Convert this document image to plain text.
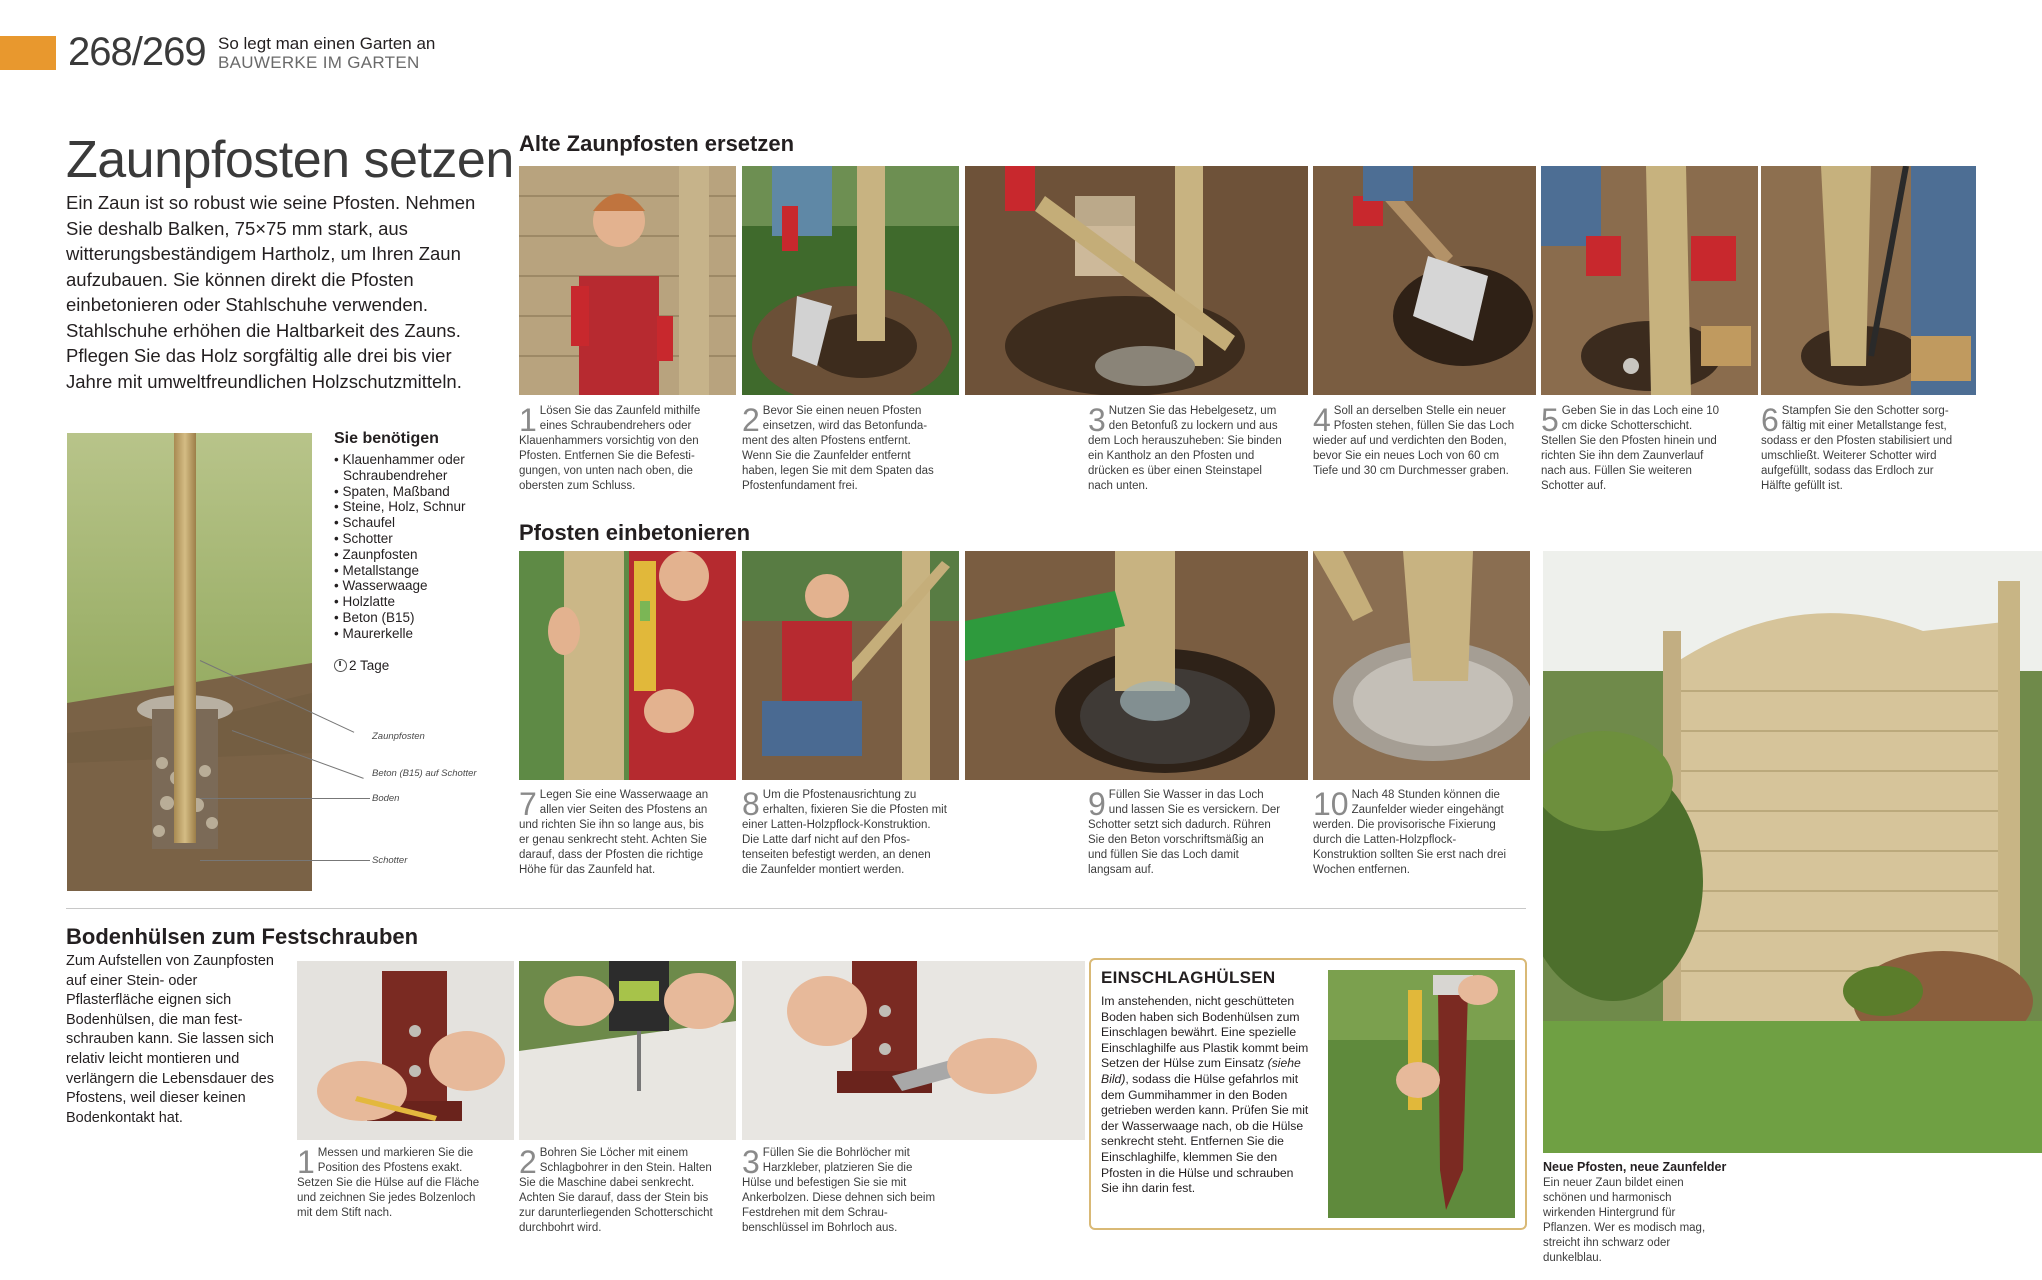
268/269 So legt man einen Garten an
BAUWERKE IM GARTEN
Zaunpfosten setzen
Ein Zaun ist so robust wie seine Pfosten. Nehmen Sie deshalb Balken, 75×75 mm stark, aus witterungsbeständigem Hartholz, um Ihren Zaun aufzubauen. Sie können direkt die Pfosten einbetonieren oder Stahlschuhe verwenden. Stahlschuhe erhöhen die Haltbarkeit des Zauns. Pflegen Sie das Holz sorgfältig alle drei bis vier Jahre mit umweltfreundlichen Holzschutzmitteln.
Zaunpfosten
Beton (B15) auf Schotter
Boden
Schotter
Sie benötigen
• Klauenhammer oder Schraubendreher
• Spaten, Maßband
• Steine, Holz, Schnur
• Schaufel
• Schotter
• Zaunpfosten
• Metallstange
• Wasserwaage
• Holzlatte
• Beton (B15)
• Maurerkelle
2 Tage
Alte Zaunpfosten ersetzen
1 Lösen Sie das Zaunfeld mithilfe eines Schraubendrehers oder Klauenhammers vorsichtig von den Pfosten. Entfernen Sie die Befestigungen, von unten nach oben, die obersten zum Schluss.
2 Bevor Sie einen neuen Pfosten einsetzen, wird das Betonfundament des alten Pfostens entfernt. Wenn Sie die Zaunfelder entfernt haben, legen Sie mit dem Spaten das Pfostenfundament frei.
3 Nutzen Sie das Hebelgesetz, um den Betonfuß zu lockern und aus dem Loch herauszuheben: Sie binden ein Kantholz an den Pfosten und drücken es über einen Steinstapel nach unten.
4 Soll an derselben Stelle ein neuer Pfosten stehen, füllen Sie das Loch wieder auf und verdichten den Boden, bevor Sie ein neues Loch von 60 cm Tiefe und 30 cm Durchmesser graben.
5 Geben Sie in das Loch eine 10 cm dicke Schotterschicht. Stellen Sie den Pfosten hinein und richten Sie ihn dem Zaunverlauf nach aus. Füllen Sie weiteren Schotter auf.
6 Stampfen Sie den Schotter sorgfältig mit einer Metallstange fest, sodass er den Pfosten stabilisiert und umschließt. Weiterer Schotter wird aufgefüllt, sodass das Erdloch zur Hälfte gefüllt ist.
Pfosten einbetonieren
7 Legen Sie eine Wasserwaage an allen vier Seiten des Pfostens an und richten Sie ihn so lange aus, bis er genau senkrecht steht. Achten Sie darauf, dass der Pfosten die richtige Höhe für das Zaunfeld hat.
8 Um die Pfostenausrichtung zu erhalten, fixieren Sie die Pfosten mit einer Latten-Holzpflock-Konstruktion. Die Latte darf nicht auf den Pfostenseiten befestigt werden, an denen die Zaunfelder montiert werden.
9 Füllen Sie Wasser in das Loch und lassen Sie es versickern. Der Schotter setzt sich dadurch. Rühren Sie den Beton vorschriftsmäßig an und füllen Sie das Loch damit langsam auf.
10 Nach 48 Stunden können die Zaunfelder wieder eingehängt werden. Die provisorische Fixierung durch die Latten-Holzpflock-Konstruktion sollten Sie erst nach drei Wochen entfernen.
Neue Pfosten, neue Zaunfelder
Ein neuer Zaun bildet einen schönen und harmonisch wirkenden Hintergrund für Pflanzen. Wer es modisch mag, streicht ihn schwarz oder dunkelblau.
Bodenhülsen zum Festschrauben
Zum Aufstellen von Zaunpfosten auf einer Stein- oder Pflasterfläche eignen sich Bodenhülsen, die man festschrauben kann. Sie lassen sich relativ leicht montieren und verlängern die Lebensdauer des Pfostens, weil dieser keinen Bodenkontakt hat.
1 Messen und markieren Sie die Position des Pfostens exakt. Setzen Sie die Hülse auf die Fläche und zeichnen Sie jedes Bolzenloch mit dem Stift nach.
2 Bohren Sie Löcher mit einem Schlagbohrer in den Stein. Halten Sie die Maschine dabei senkrecht. Achten Sie darauf, dass der Stein bis zur darunterliegenden Schotterschicht durchbohrt wird.
3 Füllen Sie die Bohrlöcher mit Harzkleber, platzieren Sie die Hülse und befestigen Sie sie mit Ankerbolzen. Diese dehnen sich beim Festdrehen mit dem Schraubenschlüssel im Bohrloch aus.
EINSCHLAGHÜLSEN
Im anstehenden, nicht geschütteten Boden haben sich Bodenhülsen zum Einschlagen bewährt. Eine spezielle Einschlaghilfe aus Plastik kommt beim Setzen der Hülse zum Einsatz (siehe Bild), sodass die Hülse gefahrlos mit dem Gummihammer in den Boden getrieben werden kann. Prüfen Sie mit der Wasserwaage nach, ob die Hülse senkrecht steht. Entfernen Sie die Einschlaghilfe, klemmen Sie den Pfosten in die Hülse und schrauben Sie ihn darin fest.
